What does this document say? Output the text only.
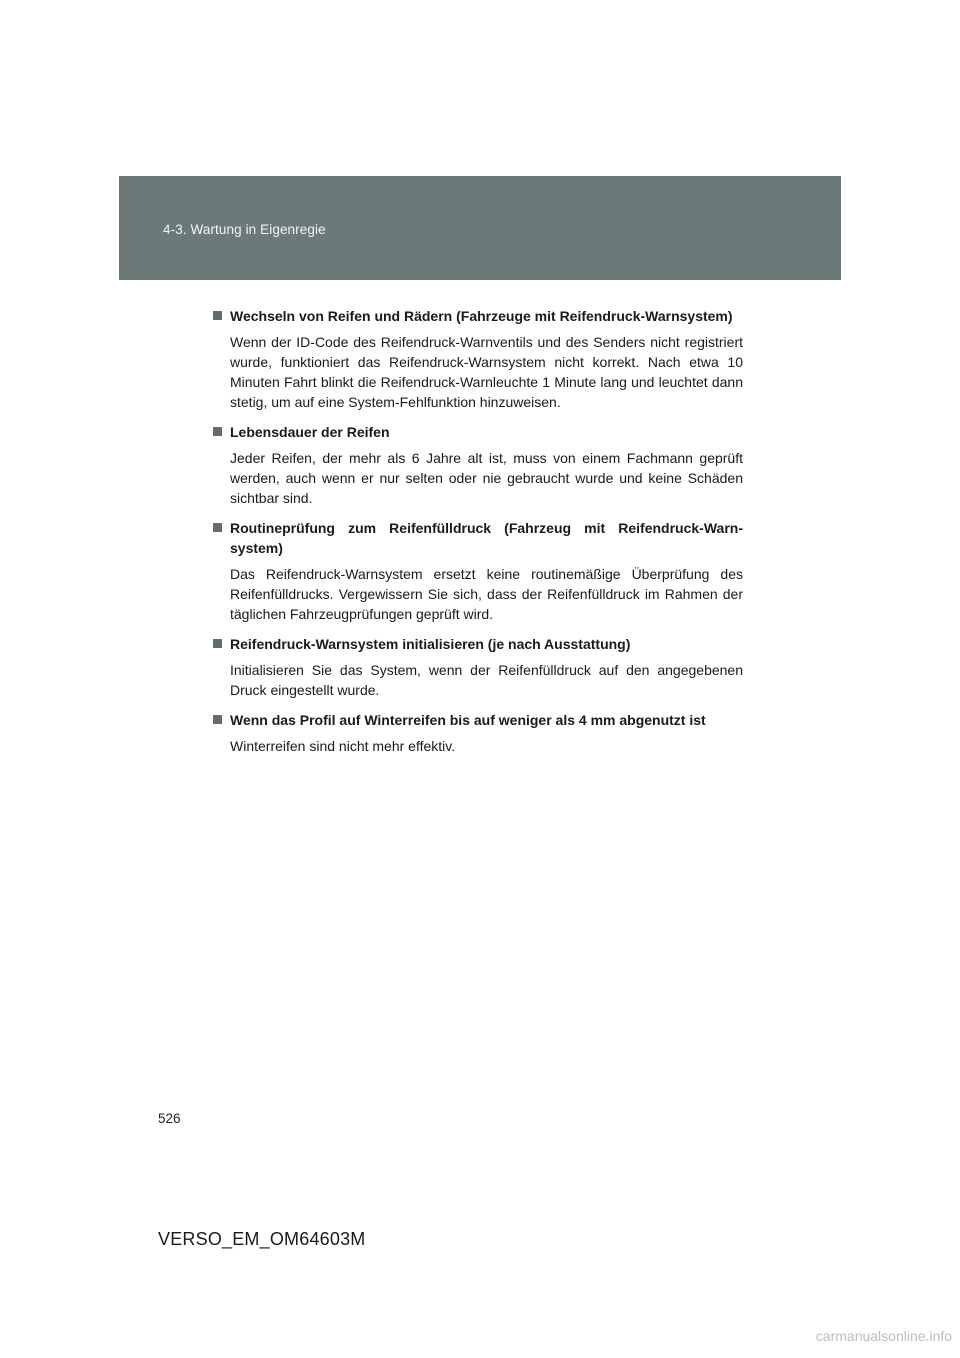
4-3. Wartung in Eigenregie
Wechseln von Reifen und Rädern (Fahrzeuge mit Reifendruck-Warnsystem)
Wenn der ID-Code des Reifendruck-Warnventils und des Senders nicht registriert wurde, funktioniert das Reifendruck-Warnsystem nicht korrekt. Nach etwa 10 Minuten Fahrt blinkt die Reifendruck-Warnleuchte 1 Minute lang und leuchtet dann stetig, um auf eine System-Fehlfunktion hinzuweisen.
Lebensdauer der Reifen
Jeder Reifen, der mehr als 6 Jahre alt ist, muss von einem Fachmann geprüft werden, auch wenn er nur selten oder nie gebraucht wurde und keine Schäden sichtbar sind.
Routineprüfung zum Reifenfülldruck (Fahrzeug mit Reifendruck-Warnsystem)
Das Reifendruck-Warnsystem ersetzt keine routinemäßige Überprüfung des Reifenfülldrucks. Vergewissern Sie sich, dass der Reifenfülldruck im Rahmen der täglichen Fahrzeugprüfungen geprüft wird.
Reifendruck-Warnsystem initialisieren (je nach Ausstattung)
Initialisieren Sie das System, wenn der Reifenfülldruck auf den angegebenen Druck eingestellt wurde.
Wenn das Profil auf Winterreifen bis auf weniger als 4 mm abgenutzt ist
Winterreifen sind nicht mehr effektiv.
526
VERSO_EM_OM64603M
carmanualsonline.info
